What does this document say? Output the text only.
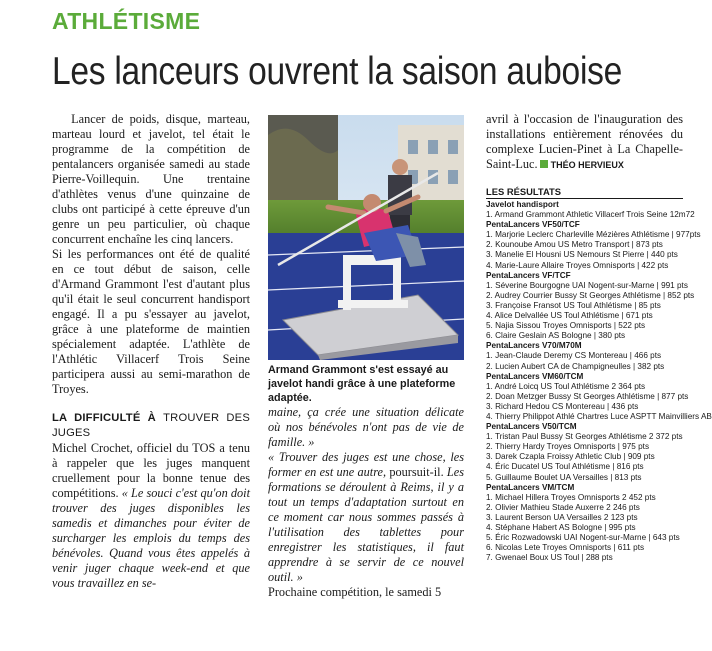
ATHLÉTISME
Les lanceurs ouvrent la saison auboise

Lancer de poids, disque, marteau, marteau lourd et javelot, tel était le programme de la compétition de pentalancers organisée samedi au stade Pierre-Voillequin. Une trentaine d'athlètes venus d'une quinzaine de clubs ont participé à cette épreuve d'un genre un peu particulier, où chaque concurrent enchaîne les cinq lancers.

Si les performances ont été de qualité en ce tout début de saison, celle d'Armand Grammont l'est d'autant plus qu'il était le seul concurrent handisport engagé. Il a pu s'essayer au javelot, grâce à une plateforme de maintien spécialement adaptée. L'athlète de l'Athlétic Villacerf Trois Seine participera aussi au semi-marathon de Troyes.

LA DIFFICULTÉ À TROUVER DES JUGES

Michel Crochet, officiel du TOS a tenu à rappeler que les juges manquent cruellement pour la bonne tenue des compétitions. « Le souci c'est qu'on doit trouver des juges disponibles les samedis et dimanches pour éviter de surcharger les emplois du temps des bénévoles. Quand vous êtes appelés à venir juger chaque week-end et que vous travaillez en se-

Armand Grammont s'est essayé au javelot handi grâce à une plateforme adaptée.
maine, ça crée une situation délicate où nos bénévoles n'ont pas de vie de famille. »
« Trouver des juges est une chose, les former en est une autre, poursuit-il. Les formations se déroulent à Reims, il y a tout un temps d'adaptation surtout en ce moment car nous sommes passés à l'utilisation des tablettes pour enregistrer les statistiques, il faut apprendre à se servir de ce nouvel outil. »
Prochaine compétition, le samedi 5
avril à l'occasion de l'inauguration des installations entièrement rénovées du complexe Lucien-Pinet à La Chapelle-Saint-Luc. THÉO HERVIEUX
LES RÉSULTATS
Javelot handisport
1. Armand Grammont Athletic Villacerf Trois Seine 12m72
PentaLancers VF50/TCF
1. Marjorie Leclerc Charleville Mézières Athlétisme | 977pts
2. Kounoube Amou US Metro Transport | 873 pts
3. Manelie El Housni US Nemours St Pierre | 440 pts
4. Marie-Laure Allaire Troyes Omnisports | 422 pts
PentaLancers VF/TCF
1. Séverine Bourgogne UAI Nogent-sur-Marne | 991 pts
2. Audrey Courrier Bussy St Georges Athlétisme | 852 pts
3. Françoise Fransot US Toul Athlétisme | 85 pts
4. Alice Delvallée US Toul Athlétisme | 671 pts
5. Najia Sissou Troyes Omnisports | 522 pts
6. Claire Geslain AS Bologne | 380 pts
PentaLancers V70/M70M
1. Jean-Claude Deremy CS Montereau | 466 pts
2. Lucien Aubert CA de Champigneulles | 382 pts
PentaLancers VM60/TCM
1. André Loicq US Toul Athlétisme 2 364 pts
2. Doan Metzger Bussy St Georges Athlétisme | 877 pts
3. Richard Hedou CS Montereau | 436 pts
4. Thierry Philippot Athlé Chartres Luce ASPTT Mainvilliers AB
PentaLancers V50/TCM
1. Tristan Paul Bussy St Georges Athlétisme 2 372 pts
2. Thierry Hardy Troyes Omnisports | 975 pts
3. Darek Czapla Froissy Athletic Club | 909 pts
4. Éric Ducatel US Toul Athlétisme | 816 pts
5. Guillaume Boulet UA Versailles | 813 pts
PentaLancers VM/TCM
1. Michael Hillera Troyes Omnisports 2 452 pts
2. Olivier Mathieu Stade Auxerre 2 246 pts
3. Laurent Berson UA Versailles 2 123 pts
4. Stéphane Habert AS Bologne | 995 pts
5. Éric Rozwadowski UAI Nogent-sur-Marne | 643 pts
6. Nicolas Lete Troyes Omnisports | 611 pts
7. Gwenael Boux US Toul | 288 pts
